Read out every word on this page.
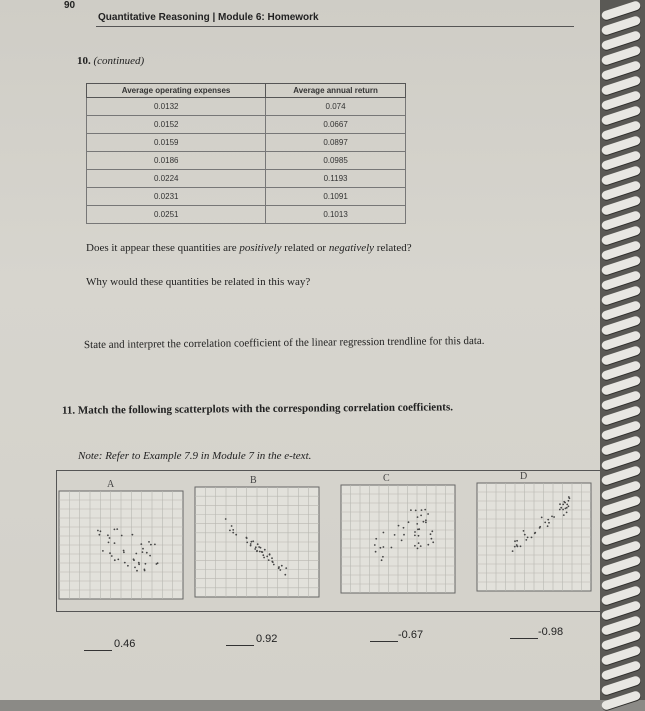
90
Quantitative Reasoning | Module 6: Homework
10. (continued)
Average operating expenses	Average annual return
0.0132	0.074
0.0152	0.0667
0.0159	0.0897
0.0186	0.0985
0.0224	0.1193
0.0231	0.1091
0.0251	0.1013
Does it appear these quantities are positively related or negatively related?
Why would these quantities be related in this way?
State and interpret the correlation coefficient of the linear regression trendline for this data.
11. Match the following scatterplots with the corresponding correlation coefficients.
Note: Refer to Example 7.9 in Module 7 in the e-text.
A	B	C	D
0.46	0.92	-0.67	-0.98
